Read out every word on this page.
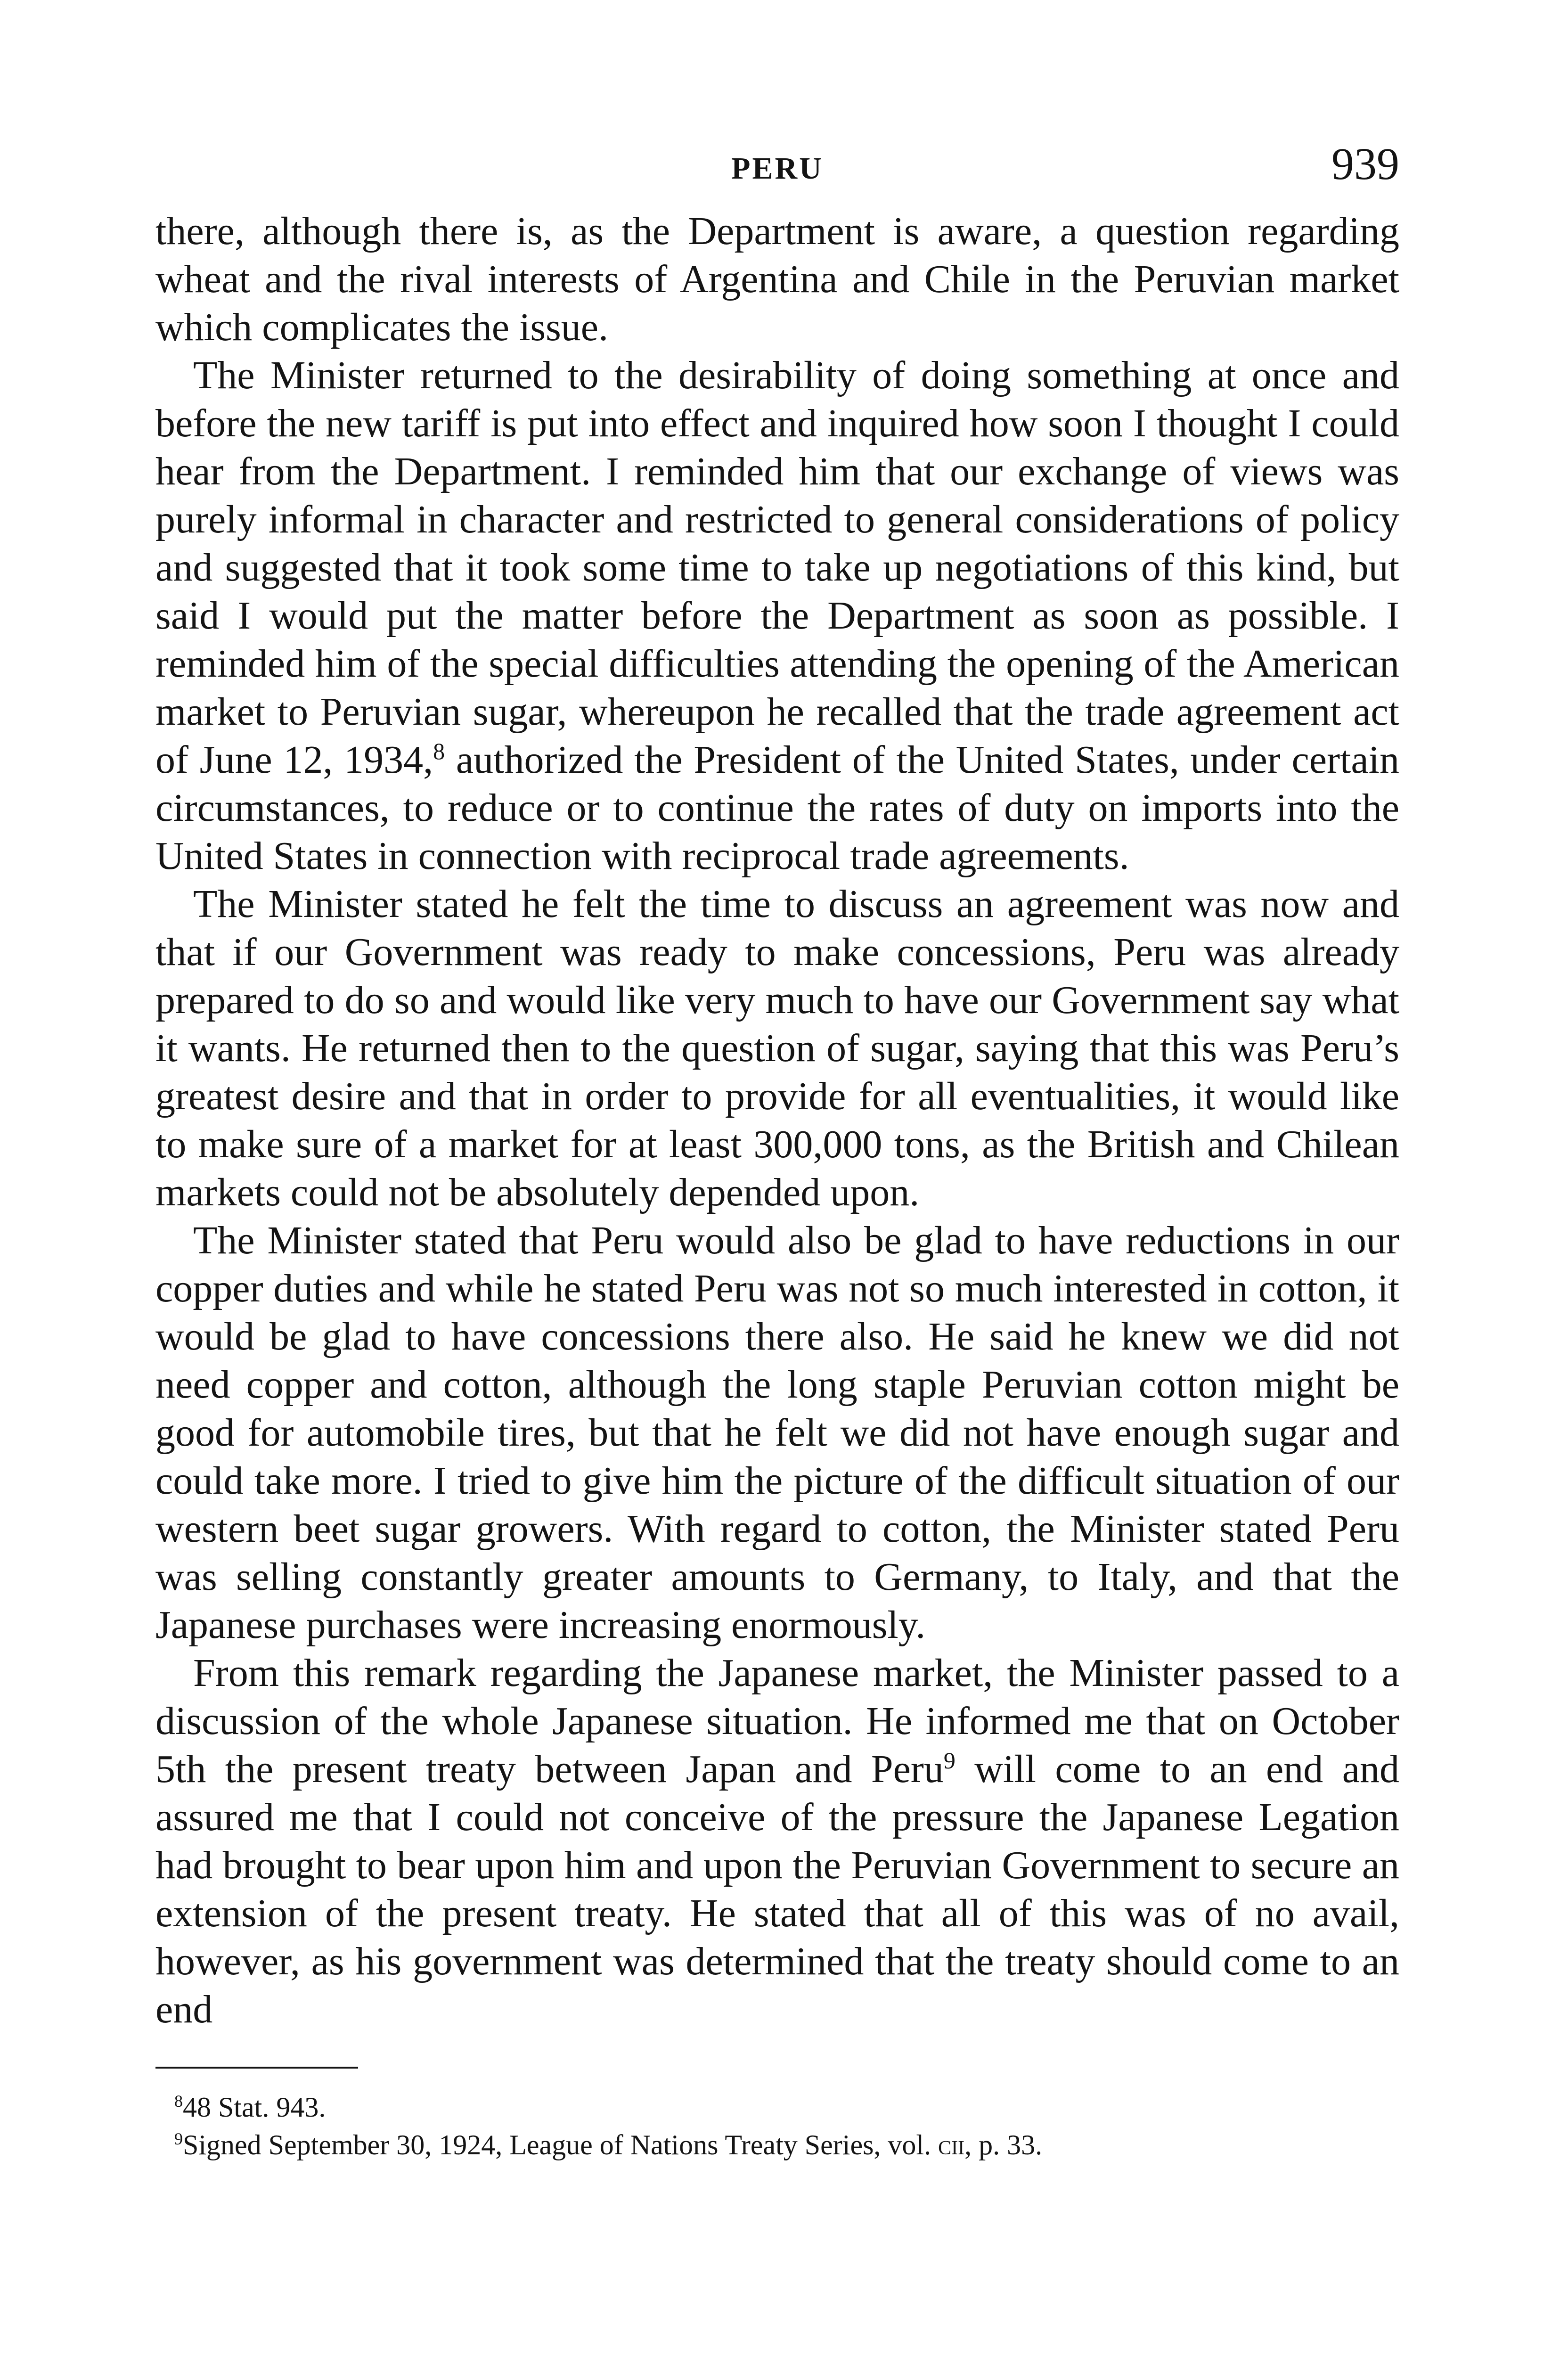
PERU	939

there, although there is, as the Department is aware, a question regarding wheat and the rival interests of Argentina and Chile in the Peruvian market which complicates the issue.

The Minister returned to the desirability of doing something at once and before the new tariff is put into effect and inquired how soon I thought I could hear from the Department. I reminded him that our exchange of views was purely informal in character and restricted to general considerations of policy and suggested that it took some time to take up negotiations of this kind, but said I would put the matter before the Department as soon as possible. I reminded him of the special difficulties attending the opening of the American market to Peruvian sugar, whereupon he recalled that the trade agreement act of June 12, 1934,$^8$ authorized the President of the United States, under certain circumstances, to reduce or to continue the rates of duty on imports into the United States in connection with reciprocal trade agreements.

The Minister stated he felt the time to discuss an agreement was now and that if our Government was ready to make concessions, Peru was already prepared to do so and would like very much to have our Government say what it wants. He returned then to the question of sugar, saying that this was Peru’s greatest desire and that in order to provide for all eventualities, it would like to make sure of a market for at least 300,000 tons, as the British and Chilean markets could not be absolutely depended upon.

The Minister stated that Peru would also be glad to have reductions in our copper duties and while he stated Peru was not so much interested in cotton, it would be glad to have concessions there also. He said he knew we did not need copper and cotton, although the long staple Peruvian cotton might be good for automobile tires, but that he felt we did not have enough sugar and could take more. I tried to give him the picture of the difficult situation of our western beet sugar growers. With regard to cotton, the Minister stated Peru was selling constantly greater amounts to Germany, to Italy, and that the Japanese purchases were increasing enormously.

From this remark regarding the Japanese market, the Minister passed to a discussion of the whole Japanese situation. He informed me that on October 5th the present treaty between Japan and Peru$^9$ will come to an end and assured me that I could not conceive of the pressure the Japanese Legation had brought to bear upon him and upon the Peruvian Government to secure an extension of the present treaty. He stated that all of this was of no avail, however, as his government was determined that the treaty should come to an end

$^8$48 Stat. 943.

$^9$Signed September 30, 1924, League of Nations Treaty Series, vol. cii, p. 33.
